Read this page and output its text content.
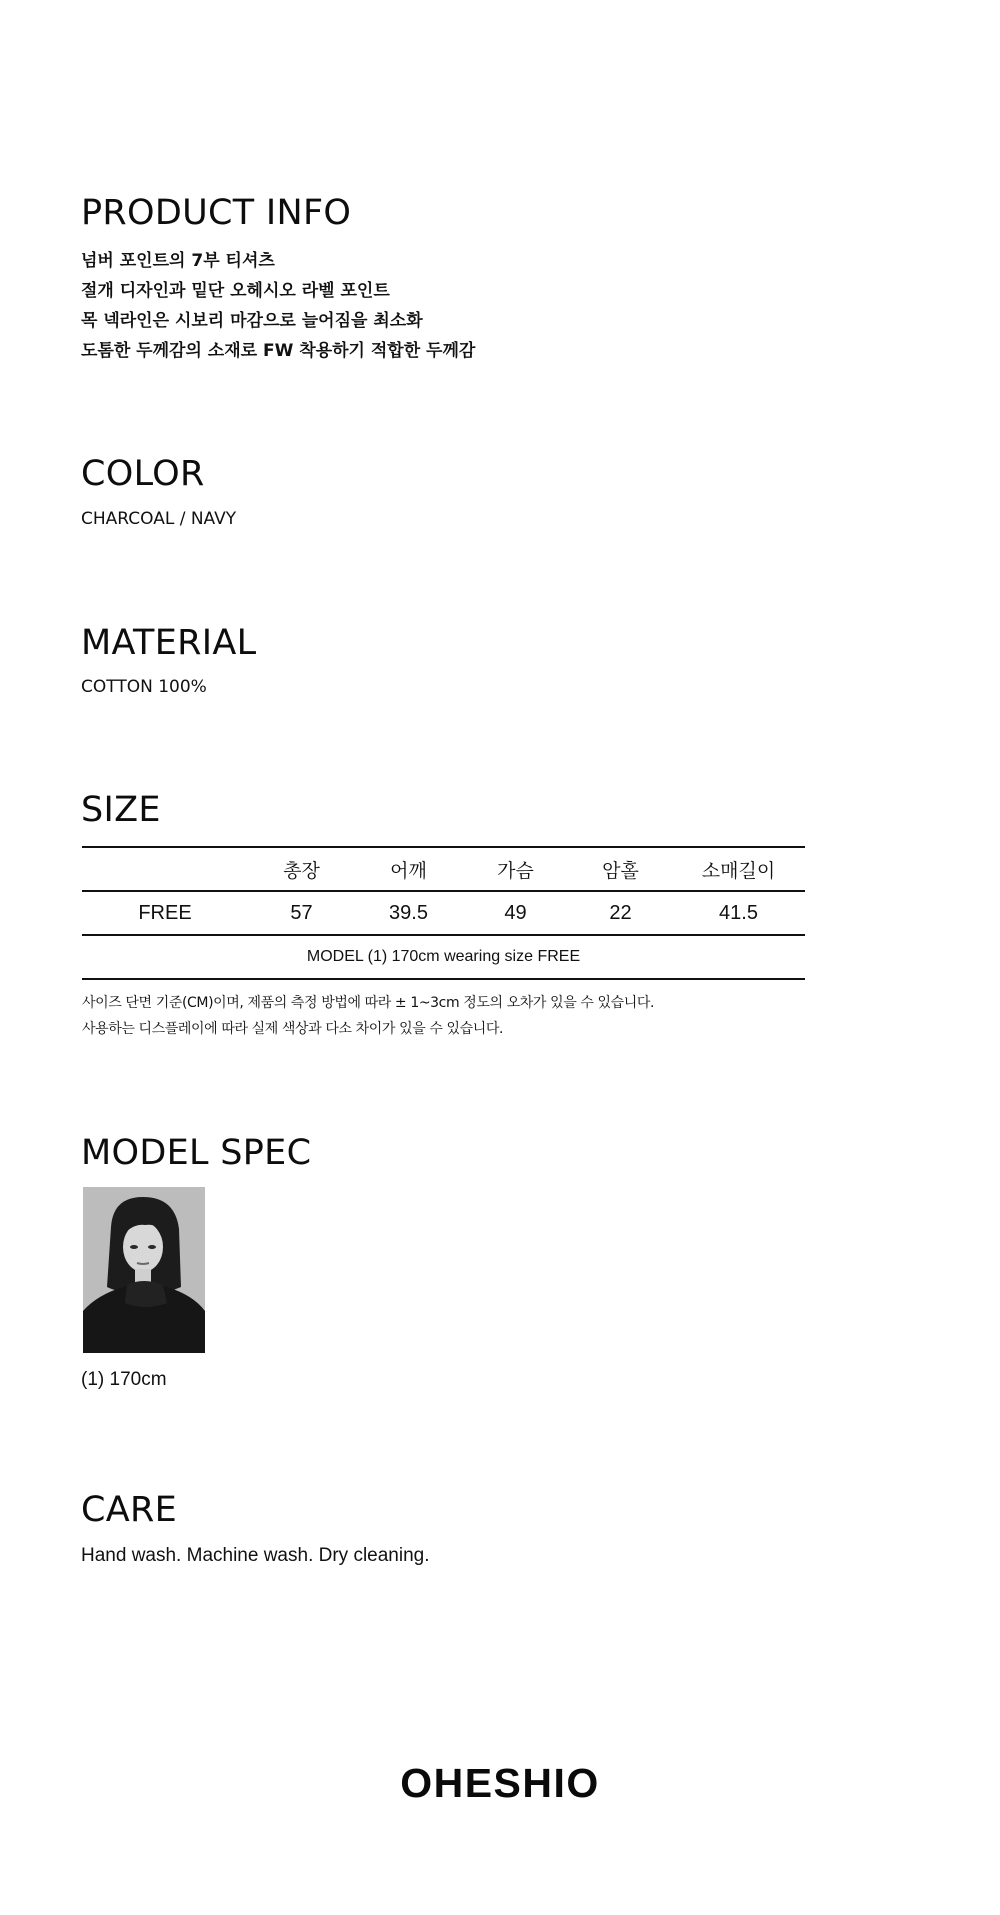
PRODUCT INFO

넘버 포인트의 7부 티셔츠

절개 디자인과 밑단 오헤시오 라벨 포인트

목 넥라인은 시보리 마감으로 늘어짐을 최소화

도톰한 두께감의 소재로 FW 착용하기 적합한 두께감

COLOR

CHARCOAL / NAVY

MATERIAL

COTTON 100%

SIZE
	총장	어깨	가슴	암홀	소매길이
FREE	57	39.5	49	22	41.5
MODEL (1) 170cm wearing size FREE					

사이즈 단면 기준(CM)이며, 제품의 측정 방법에 따라 ± 1~3cm 정도의 오차가 있을 수 있습니다.

사용하는 디스플레이에 따라 실제 색상과 다소 차이가 있을 수 있습니다.

MODEL SPEC

(1) 170cm

CARE

Hand wash. Machine wash. Dry cleaning.

OHESHIO
